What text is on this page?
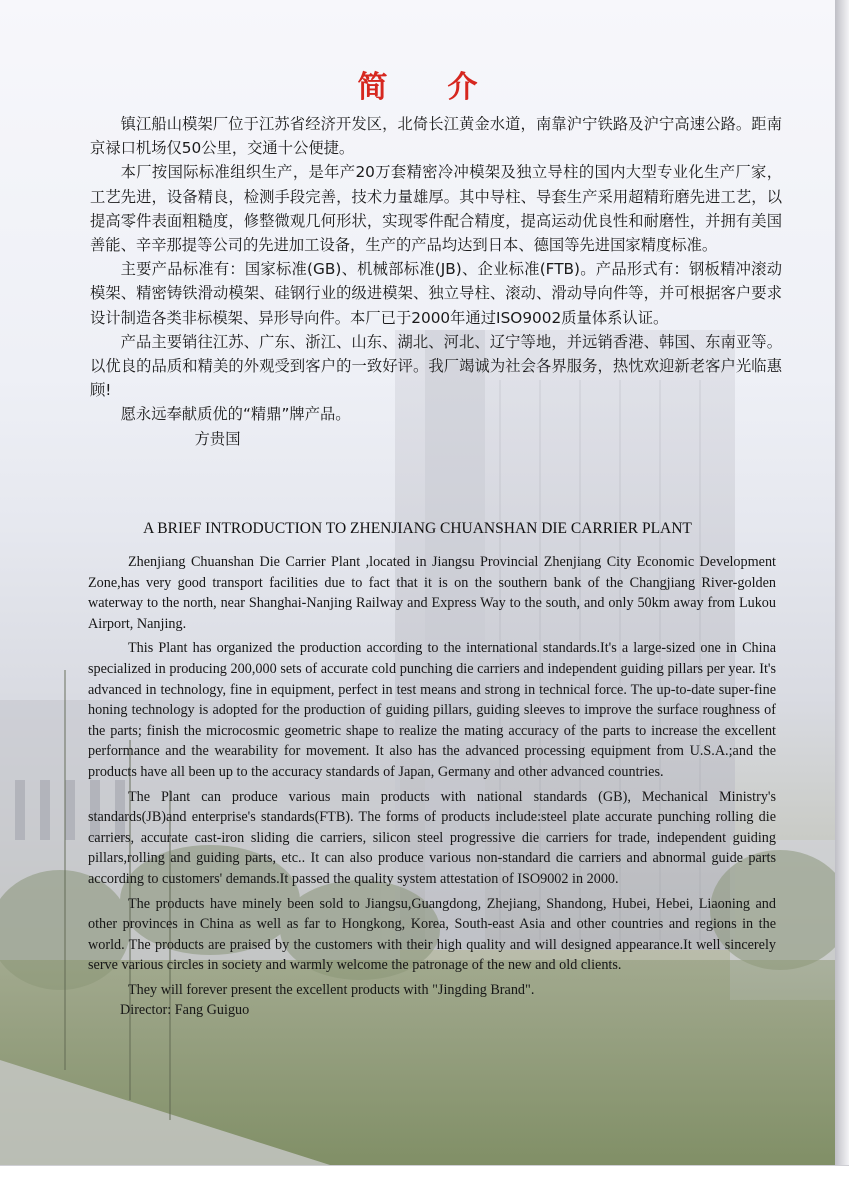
简介

镇江船山模架厂位于江苏省经济开发区，北倚长江黄金水道，南靠沪宁铁路及沪宁高速公路。距南京禄口机场仅50公里，交通十公便捷。

本厂按国际标准组织生产，是年产20万套精密冷冲模架及独立导柱的国内大型专业化生产厂家，工艺先进，设备精良，检测手段完善，技术力量雄厚。其中导柱、导套生产采用超精珩磨先进工艺，以提高零件表面粗糙度，修整微观几何形状，实现零件配合精度，提高运动优良性和耐磨性，并拥有美国善能、辛辛那提等公司的先进加工设备，生产的产品均达到日本、德国等先进国家精度标准。

主要产品标准有：国家标准(GB)、机械部标准(JB)、企业标准(FTB)。产品形式有：钢板精冲滚动模架、精密铸铁滑动模架、硅钢行业的级进模架、独立导柱、滚动、滑动导向件等，并可根据客户要求设计制造各类非标模架、异形导向件。本厂已于2000年通过ISO9002质量体系认证。

产品主要销往江苏、广东、浙江、山东、湖北、河北、辽宁等地，并远销香港、韩国、东南亚等。以优良的品质和精美的外观受到客户的一致好评。我厂竭诚为社会各界服务，热忱欢迎新老客户光临惠顾!

愿永远奉献质优的“精鼎”牌产品。

方贵国

A BRIEF INTRODUCTION TO ZHENJIANG CHUANSHAN DIE CARRIER PLANT

Zhenjiang Chuanshan Die Carrier Plant ,located in Jiangsu Provincial Zhenjiang City Economic Development Zone,has very good transport facilities due to fact that it is on the southern bank of the Changjiang River-golden waterway to the north, near Shanghai-Nanjing Railway and Express Way to the south, and only 50km away from Lukou Airport, Nanjing.

This Plant has organized the production according to the international standards.It's a large-sized one in China specialized in producing 200,000 sets of accurate cold punching die carriers and independent guiding pillars per year. It's advanced in technology, fine in equipment, perfect in test means and strong in technical force. The up-to-date super-fine honing technology is adopted for the production of guiding pillars, guiding sleeves to improve the surface roughness of the parts; finish the microcosmic geometric shape to realize the mating accuracy of the parts to increase the excellent performance and the wearability for movement. It also has the advanced processing equipment from U.S.A.;and the products have all been up to the accuracy standards of Japan, Germany and other advanced countries.

The Plant can produce various main products with national standards (GB), Mechanical Ministry's standards(JB)and enterprise's standards(FTB). The forms of products include:steel plate accurate punching rolling die carriers, accurate cast-iron sliding die carriers, silicon steel progressive die carriers for trade, independent guiding pillars,rolling and guiding parts, etc.. It can also produce various non-standard die carriers and abnormal guide parts according to customers' demands.It passed the quality system attestation of ISO9002 in 2000.

The products have minely been sold to Jiangsu,Guangdong, Zhejiang, Shandong, Hubei, Hebei, Liaoning and other provinces in China as well as far to Hongkong, Korea, South-east Asia and other countries and regions in the world. The products are praised by the customers with their high quality and will designed appearance.It well sincerely serve various circles in society and warmly welcome the patronage of the new and old clients.

They will forever present the excellent products with "Jingding Brand".

Director: Fang Guiguo
